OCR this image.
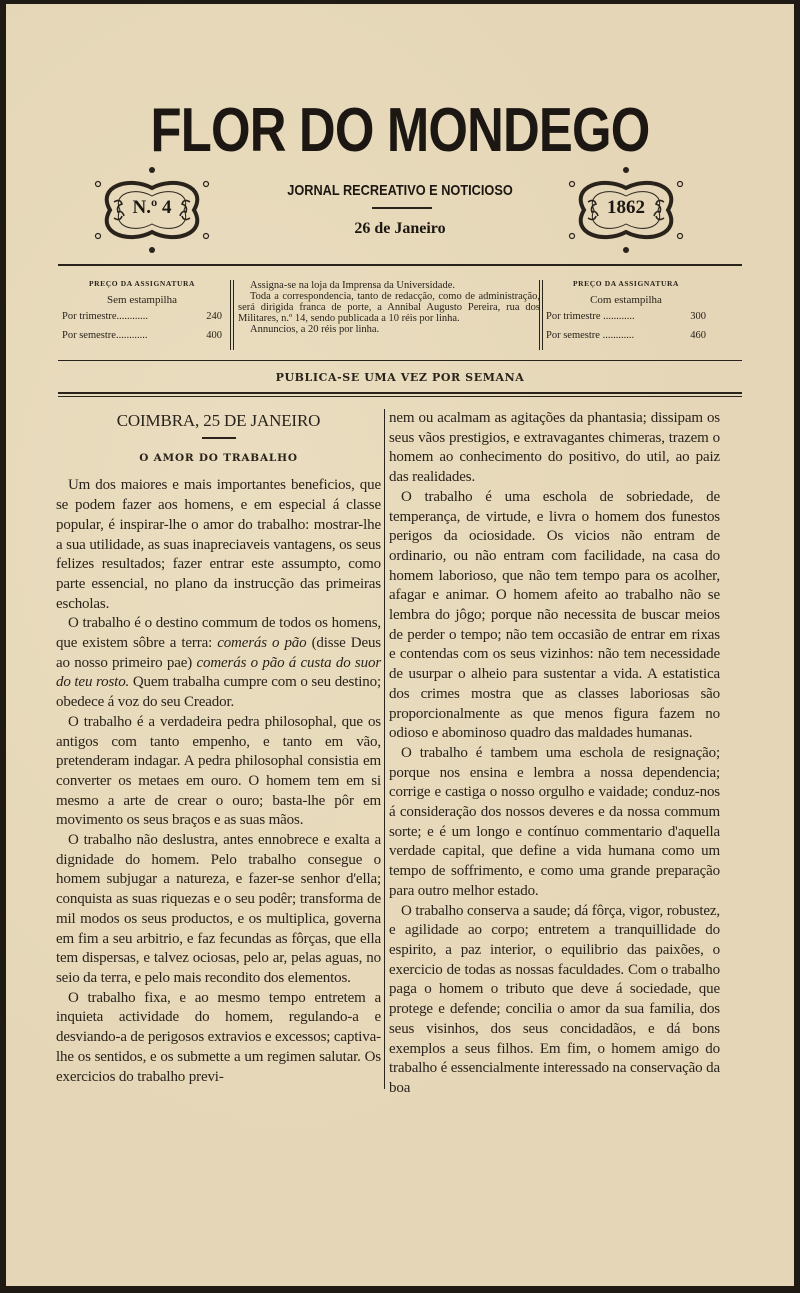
FLOR DO MONDEGO
N.º 4
JORNAL RECREATIVO E NOTICIOSO
26 de Janeiro
1862
PREÇO DA ASSIGNATURA
Sem estampilha
Por trimestre............	240
Por semestre............	400

Assigna-se na loja da Imprensa da Universidade.

Toda a correspondencia, tanto de redacção, como de administração, será dirigida franca de porte, a Annibal Augusto Pereira, rua dos Militares, n.º 14, sendo publicada a 10 réis por linha.

Annuncios, a 20 réis por linha.

PREÇO DA ASSIGNATURA
Com estampilha
Por trimestre ............	300
Por semestre ............	460
PUBLICA-SE UMA VEZ POR SEMANA
COIMBRA, 25 DE JANEIRO
O AMOR DO TRABALHO

Um dos maiores e mais importantes beneficios, que se podem fazer aos homens, e em especial á classe popular, é inspirar-lhe o amor do trabalho: mostrar-lhe a sua utilidade, as suas inapreciaveis vantagens, os seus felizes resultados; fazer entrar este assumpto, como parte essencial, no plano da instrucção das primeiras escholas.

O trabalho é o destino commum de todos os homens, que existem sôbre a terra: comerás o pão (disse Deus ao nosso primeiro pae) comerás o pão á custa do suor do teu rosto. Quem trabalha cumpre com o seu destino; obedece á voz do seu Creador.

O trabalho é a verdadeira pedra philosophal, que os antigos com tanto empenho, e tanto em vão, pretenderam indagar. A pedra philosophal consistia em converter os metaes em ouro. O homem tem em si mesmo a arte de crear o ouro; basta-lhe pôr em movimento os seus braços e as suas mãos.

O trabalho não deslustra, antes ennobrece e exalta a dignidade do homem. Pelo trabalho consegue o homem subjugar a natureza, e fazer-se senhor d'ella; conquista as suas riquezas e o seu podêr; transforma de mil modos os seus productos, e os multiplica, governa em fim a seu arbitrio, e faz fecundas as fôrças, que ella tem dispersas, e talvez ociosas, pelo ar, pelas aguas, no seio da terra, e pelo mais recondito dos elementos.

O trabalho fixa, e ao mesmo tempo entretem a inquieta actividade do homem, regulando-a e desviando-a de perigosos extravios e excessos; captiva-lhe os sentidos, e os submette a um regimen salutar. Os exercicios do trabalho previ-

nem ou acalmam as agitações da phantasia; dissipam os seus vãos prestigios, e extravagantes chimeras, trazem o homem ao conhecimento do positivo, do util, ao paiz das realidades.

O trabalho é uma eschola de sobriedade, de temperança, de virtude, e livra o homem dos funestos perigos da ociosidade. Os vicios não entram de ordinario, ou não entram com facilidade, na casa do homem laborioso, que não tem tempo para os acolher, afagar e animar. O homem afeito ao trabalho não se lembra do jôgo; porque não necessita de buscar meios de perder o tempo; não tem occasião de entrar em rixas e contendas com os seus vizinhos: não tem necessidade de usurpar o alheio para sustentar a vida. A estatistica dos crimes mostra que as classes laboriosas são proporcionalmente as que menos figura fazem no odioso e abominoso quadro das maldades humanas.

O trabalho é tambem uma eschola de resignação; porque nos ensina e lembra a nossa dependencia; corrige e castiga o nosso orgulho e vaidade; conduz-nos á consideração dos nossos deveres e da nossa commum sorte; e é um longo e contínuo commentario d'aquella verdade capital, que define a vida humana como um tempo de soffrimento, e como uma grande preparação para outro melhor estado.

O trabalho conserva a saude; dá fôrça, vigor, robustez, e agilidade ao corpo; entretem a tranquillidade do espirito, a paz interior, o equilibrio das paixões, o exercicio de todas as nossas faculdades. Com o trabalho paga o homem o tributo que deve á sociedade, que protege e defende; concilia o amor da sua familia, dos seus visinhos, dos seus concidadãos, e dá bons exemplos a seus filhos. Em fim, o homem amigo do trabalho é essencialmente interessado na conservação da boa
